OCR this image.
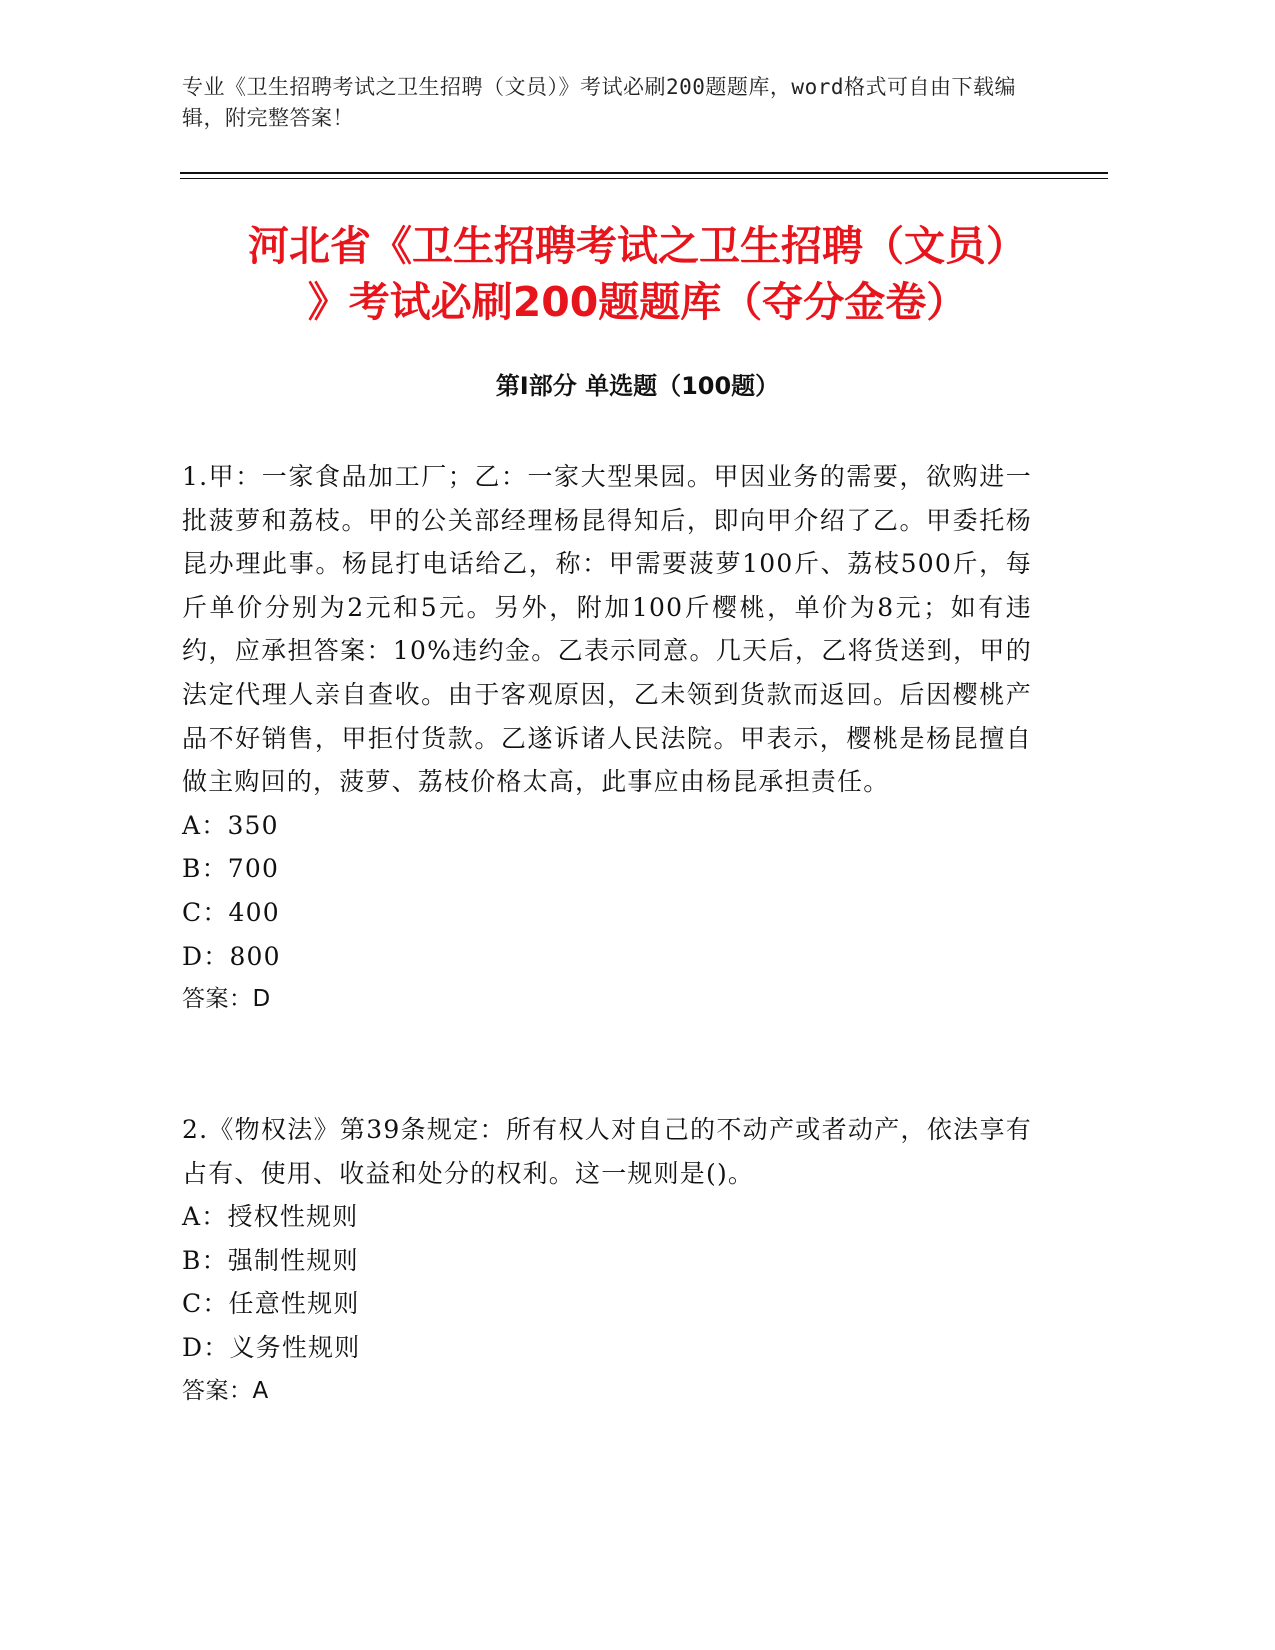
专业《卫生招聘考试之卫生招聘（文员）》考试必刷200题题库，word格式可自由下载编辑，附完整答案！
河北省《卫生招聘考试之卫生招聘（文员）
》考试必刷200题题库（夺分金卷）
第Ⅰ部分 单选题（100题）

1.甲：一家食品加工厂；乙：一家大型果园。甲因业务的需要，欲购进一批菠萝和荔枝。甲的公关部经理杨昆得知后，即向甲介绍了乙。甲委托杨昆办理此事。杨昆打电话给乙，称：甲需要菠萝100斤、荔枝500斤，每斤单价分别为2元和5元。另外，附加100斤樱桃，单价为8元；如有违约，应承担答案：10%违约金。乙表示同意。几天后，乙将货送到，甲的法定代理人亲自查收。由于客观原因，乙未领到货款而返回。后因樱桃产品不好销售，甲拒付货款。乙遂诉诸人民法院。甲表示，樱桃是杨昆擅自做主购回的，菠萝、荔枝价格太高，此事应由杨昆承担责任。

A：350

B：700

C：400

D：800

答案：D

2.《物权法》第39条规定：所有权人对自己的不动产或者动产，依法享有占有、使用、收益和处分的权利。这一规则是()。

A：授权性规则

B：强制性规则

C：任意性规则

D：义务性规则

答案：A
